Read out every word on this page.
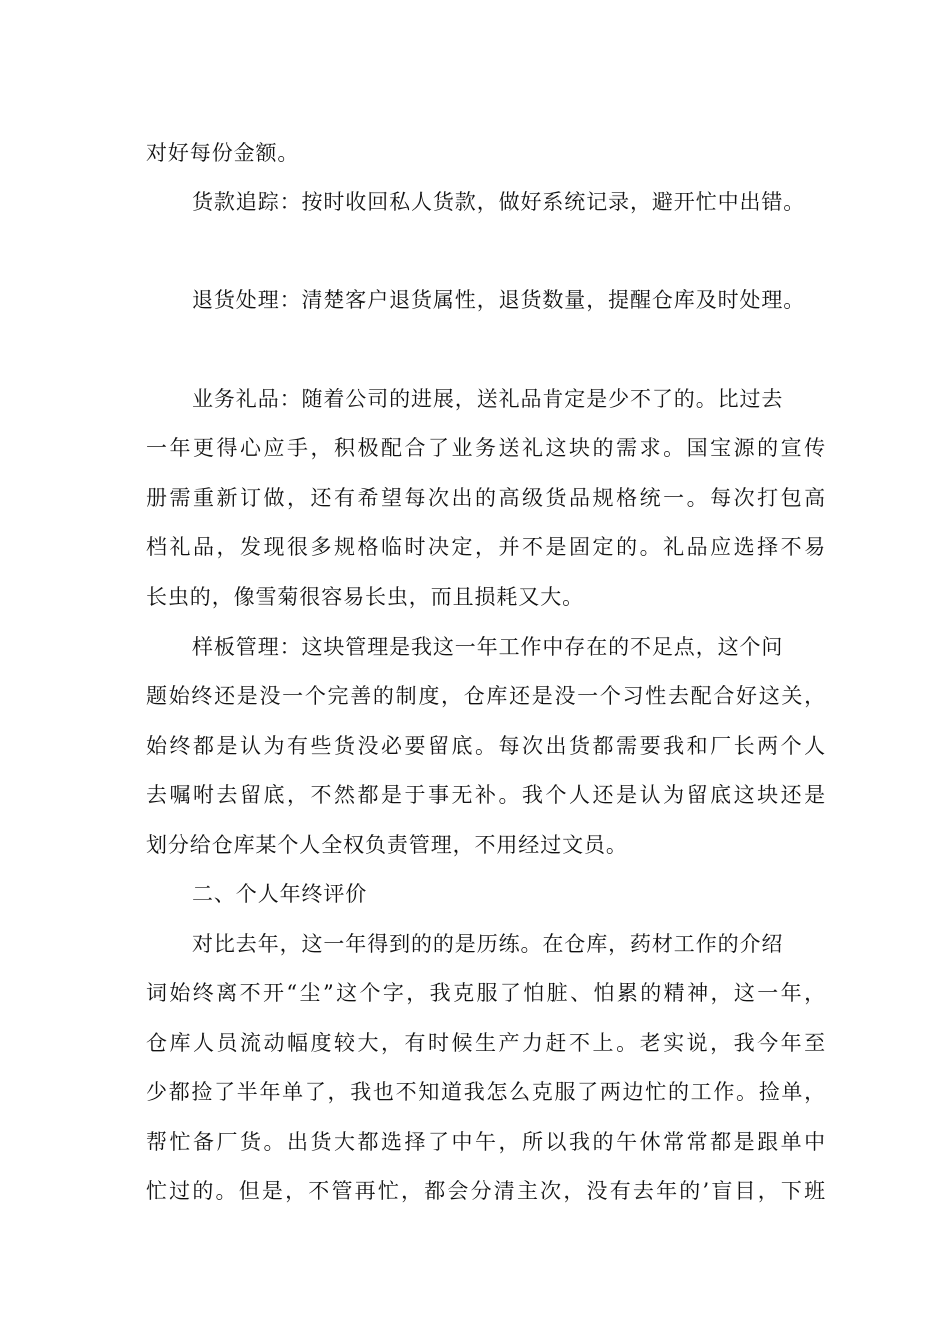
对好每份金额。
货款追踪：按时收回私人货款，做好系统记录，避开忙中出错。
退货处理：清楚客户退货属性，退货数量，提醒仓库及时处理。
业务礼品：随着公司的进展，送礼品肯定是少不了的。比过去
一年更得心应手，积极配合了业务送礼这块的需求。国宝源的宣传
册需重新订做，还有希望每次出的高级货品规格统一。每次打包高
档礼品，发现很多规格临时决定，并不是固定的。礼品应选择不易
长虫的，像雪菊很容易长虫，而且损耗又大。
样板管理：这块管理是我这一年工作中存在的不足点，这个问
题始终还是没一个完善的制度，仓库还是没一个习性去配合好这关，
始终都是认为有些货没必要留底。每次出货都需要我和厂长两个人
去嘱咐去留底，不然都是于事无补。我个人还是认为留底这块还是
划分给仓库某个人全权负责管理，不用经过文员。
二、个人年终评价
对比去年，这一年得到的的是历练。在仓库，药材工作的介绍
词始终离不开“尘”这个字，我克服了怕脏、怕累的精神，这一年，
仓库人员流动幅度较大，有时候生产力赶不上。老实说，我今年至
少都捡了半年单了，我也不知道我怎么克服了两边忙的工作。捡单，
帮忙备厂货。出货大都选择了中午，所以我的午休常常都是跟单中
忙过的。但是，不管再忙，都会分清主次，没有去年的’盲目，下班
